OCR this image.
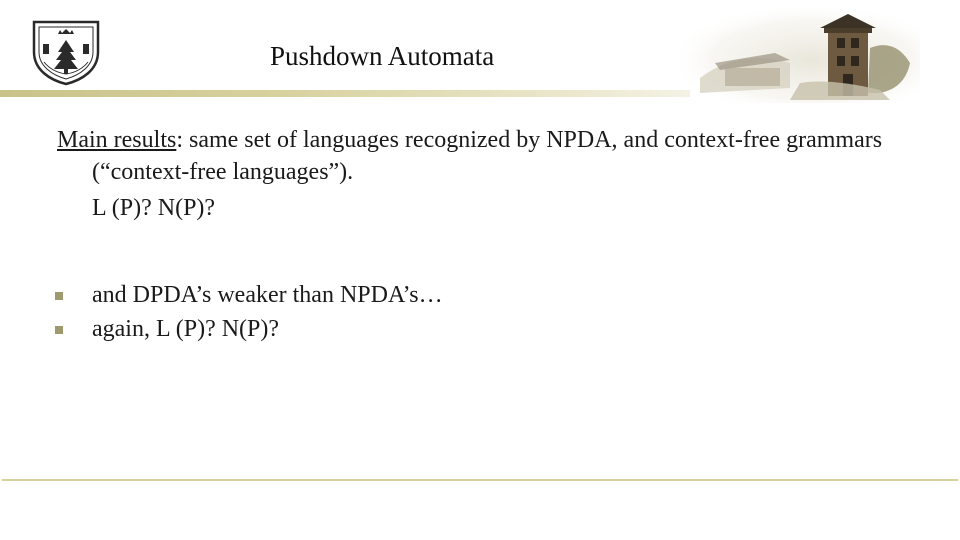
Pushdown Automata

Main results: same set of languages recognized by NPDA, and context-free grammars (“context-free languages”).
L (P)? N(P)?

and DPDA’s weaker than NPDA’s…
again, L (P)? N(P)?
